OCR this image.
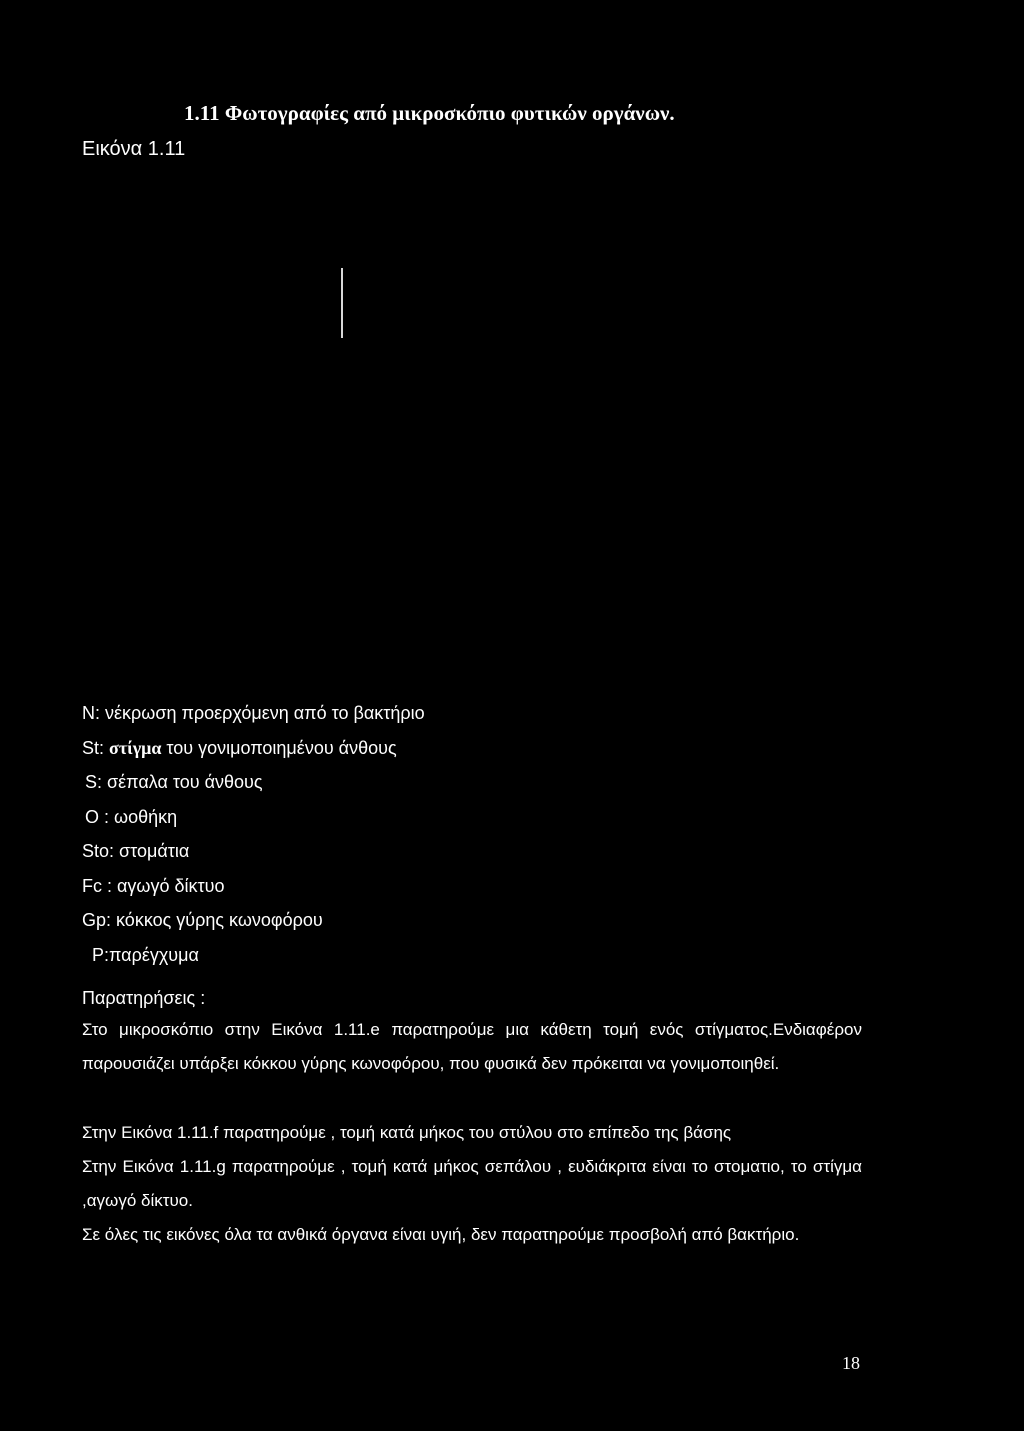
1.11 Φωτογραφίες από μικροσκόπιο φυτικών οργάνων.
Εικόνα 1.11
N: νέκρωση προερχόμενη από το βακτήριο
St: στίγμα του γονιμοποιημένου άνθους
S: σέπαλα του άνθους
O : ωοθήκη
Sto: στομάτια
Fc : αγωγό δίκτυο
Gp: κόκκος γύρης κωνοφόρου
P:παρέγχυμα
Παρατηρήσεις :
Στο μικροσκόπιο στην Εικόνα 1.11.e παρατηρούμε μια κάθετη τομή ενός στίγματος.Ενδιαφέρον παρουσιάζει υπάρξει κόκκου γύρης κωνοφόρου, που φυσικά δεν πρόκειται να γονιμοποιηθεί.
Στην Εικόνα 1.11.f παρατηρούμε , τομή κατά μήκος του στύλου στο επίπεδο της βάσης
Στην Εικόνα 1.11.g παρατηρούμε , τομή κατά μήκος σεπάλου , ευδιάκριτα είναι το στοματιο, το στίγμα ,αγωγό δίκτυο.
Σε όλες τις εικόνες όλα τα ανθικά όργανα είναι υγιή, δεν παρατηρούμε προσβολή από βακτήριο.
18
